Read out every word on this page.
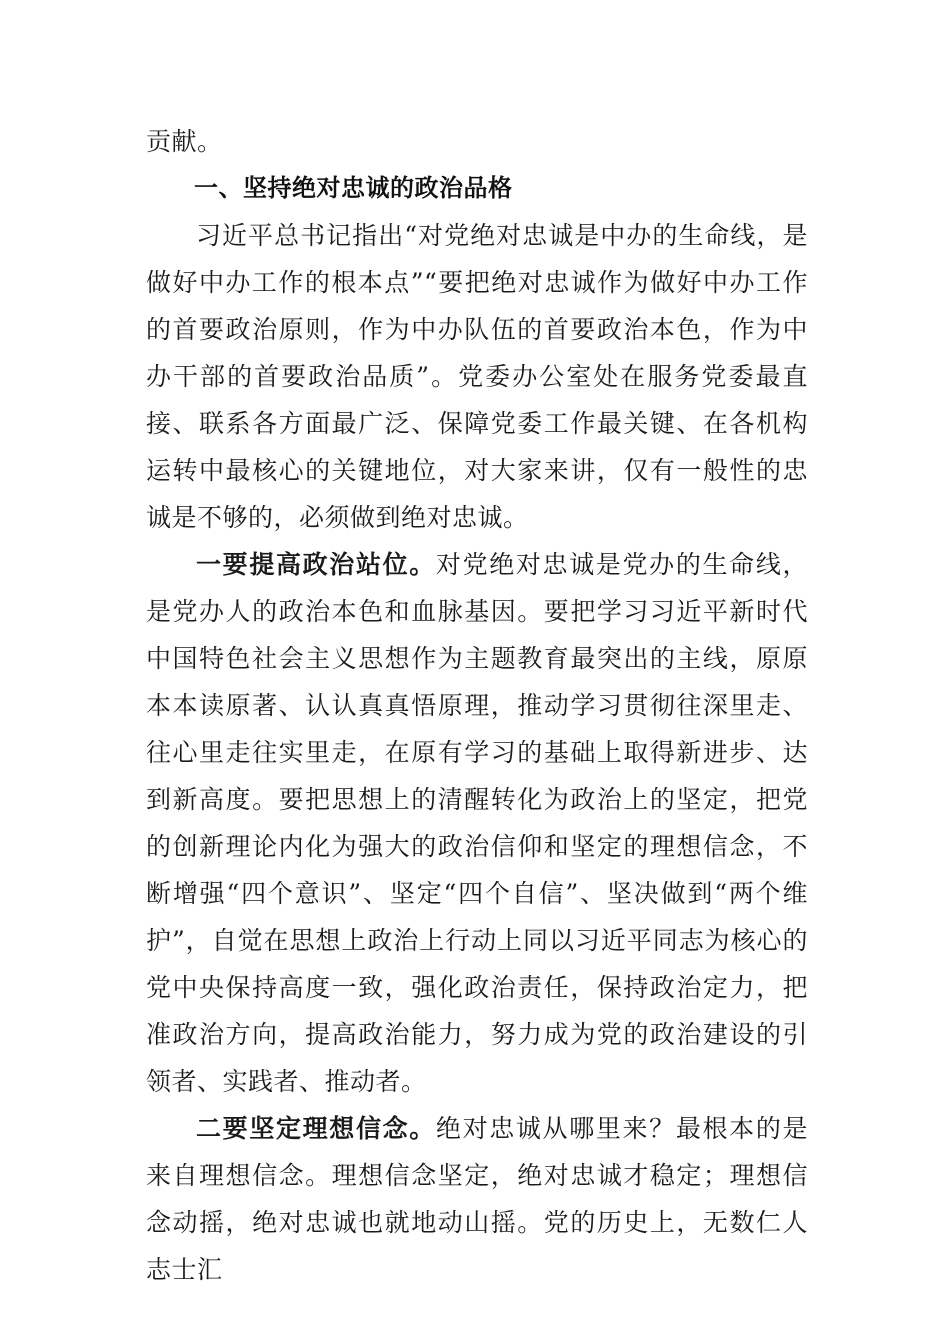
贡献。

一、坚持绝对忠诚的政治品格

习近平总书记指出“对党绝对忠诚是中办的生命线，是做好中办工作的根本点”“要把绝对忠诚作为做好中办工作的首要政治原则，作为中办队伍的首要政治本色，作为中办干部的首要政治品质”。党委办公室处在服务党委最直接、联系各方面最广泛、保障党委工作最关键、在各机构运转中最核心的关键地位，对大家来讲，仅有一般性的忠诚是不够的，必须做到绝对忠诚。

一要提高政治站位。对党绝对忠诚是党办的生命线，是党办人的政治本色和血脉基因。要把学习习近平新时代中国特色社会主义思想作为主题教育最突出的主线，原原本本读原著、认认真真悟原理，推动学习贯彻往深里走、往心里走往实里走，在原有学习的基础上取得新进步、达到新高度。要把思想上的清醒转化为政治上的坚定，把党的创新理论内化为强大的政治信仰和坚定的理想信念，不断增强“四个意识”、坚定“四个自信”、坚决做到“两个维护”，自觉在思想上政治上行动上同以习近平同志为核心的党中央保持高度一致，强化政治责任，保持政治定力，把准政治方向，提高政治能力，努力成为党的政治建设的引领者、实践者、推动者。

二要坚定理想信念。绝对忠诚从哪里来？最根本的是来自理想信念。理想信念坚定，绝对忠诚才稳定；理想信念动摇，绝对忠诚也就地动山摇。党的历史上，无数仁人志士汇
